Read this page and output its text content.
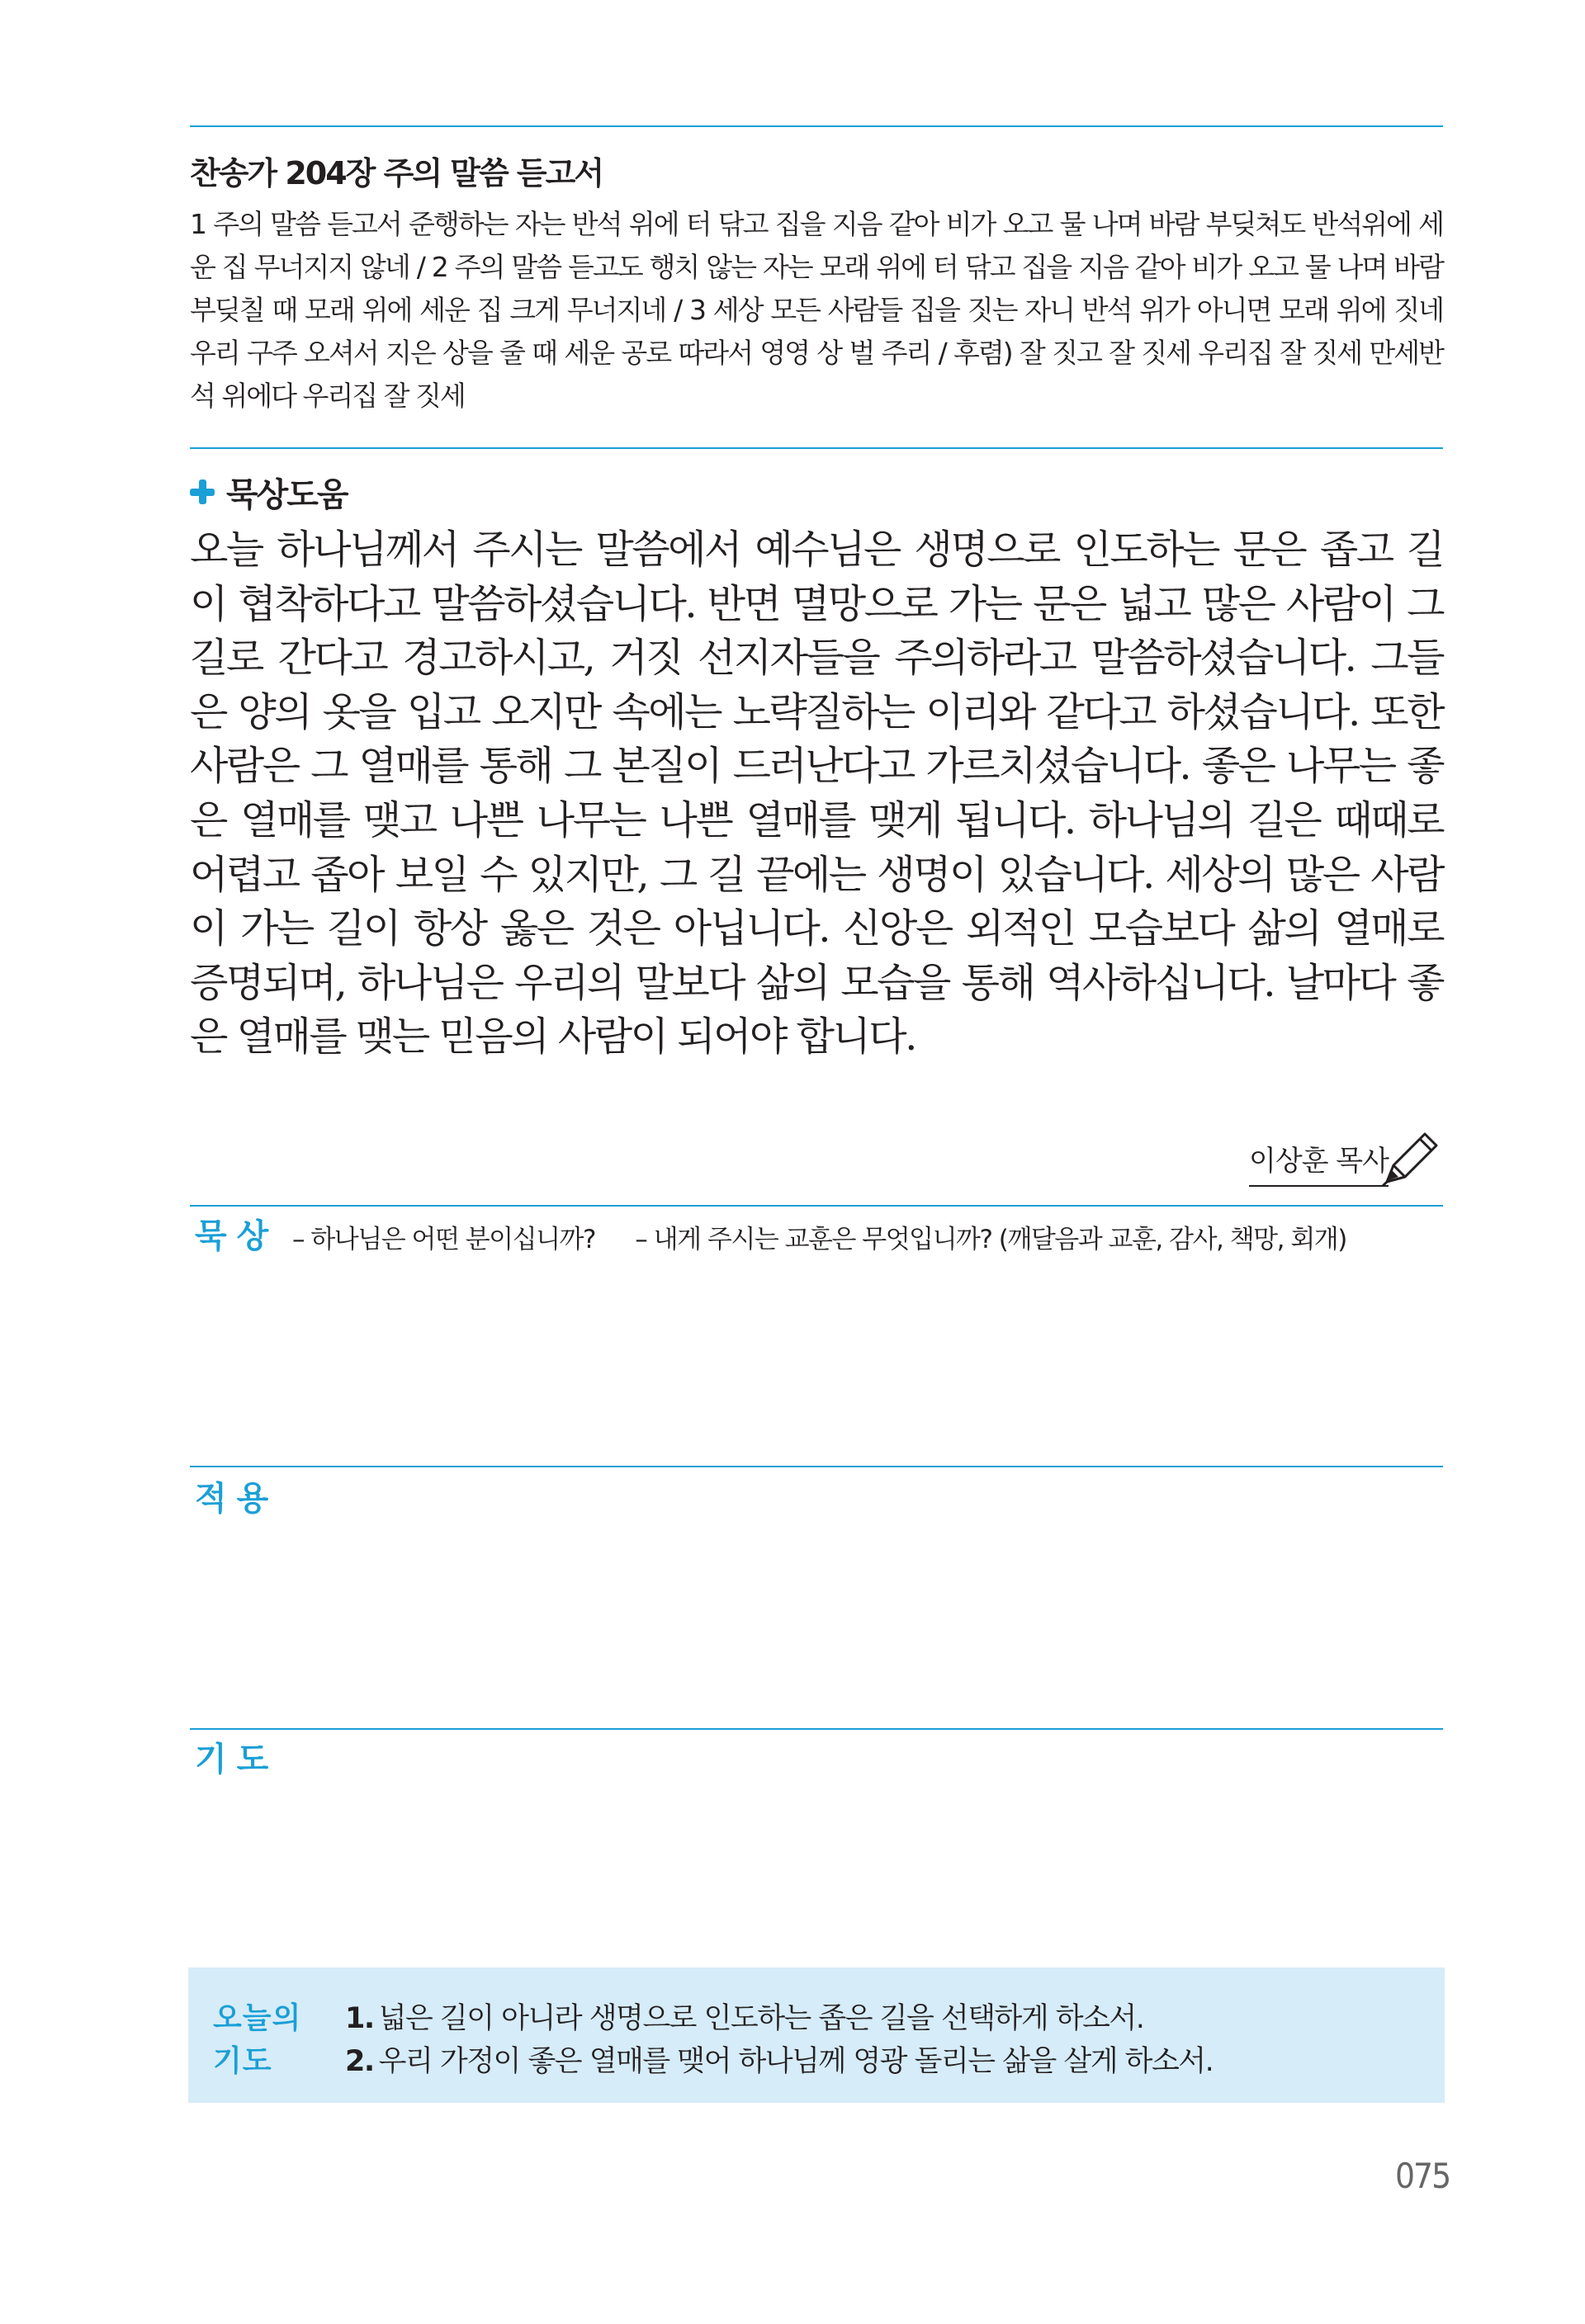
찬송가 204장 주의 말씀 듣고서
1 주의 말씀 듣고서 준행하는 자는 반석 위에 터 닦고 집을 지음 같아 비가 오고 물 나며 바람 부딪쳐도 반석위에 세운 집 무너지지 않네 / 2 주의 말씀 듣고도 행치 않는 자는 모래 위에 터 닦고 집을 지음 같아 비가 오고 물 나며 바람 부딪칠 때 모래 위에 세운 집 크게 무너지네 / 3 세상 모든 사람들 집을 짓는 자니 반석 위가 아니면 모래 위에 짓네 우리 구주 오셔서 지은 상을 줄 때 세운 공로 따라서 영영 상 벌 주리 / 후렴) 잘 짓고 잘 짓세 우리집 잘 짓세 만세반석 위에다 우리집 잘 짓세
묵상도움
오늘 하나님께서 주시는 말씀에서 예수님은 생명으로 인도하는 문은 좁고 길이 협착하다고 말씀하셨습니다. 반면 멸망으로 가는 문은 넓고 많은 사람이 그 길로 간다고 경고하시고, 거짓 선지자들을 주의하라고 말씀하셨습니다. 그들은 양의 옷을 입고 오지만 속에는 노략질하는 이리와 같다고 하셨습니다. 또한 사람은 그 열매를 통해 그 본질이 드러난다고 가르치셨습니다. 좋은 나무는 좋은 열매를 맺고 나쁜 나무는 나쁜 열매를 맺게 됩니다. 하나님의 길은 때때로 어렵고 좁아 보일 수 있지만, 그 길 끝에는 생명이 있습니다. 세상의 많은 사람이 가는 길이 항상 옳은 것은 아닙니다. 신앙은 외적인 모습보다 삶의 열매로 증명되며, 하나님은 우리의 말보다 삶의 모습을 통해 역사하십니다. 날마다 좋은 열매를 맺는 믿음의 사람이 되어야 합니다.
이상훈 목사
묵상 – 하나님은 어떤 분이십니까? – 내게 주시는 교훈은 무엇입니까? (깨달음과 교훈, 감사, 책망, 회개)
적용
기도
오늘의 기도
1. 넓은 길이 아니라 생명으로 인도하는 좁은 길을 선택하게 하소서.
2. 우리 가정이 좋은 열매를 맺어 하나님께 영광 돌리는 삶을 살게 하소서.
075
